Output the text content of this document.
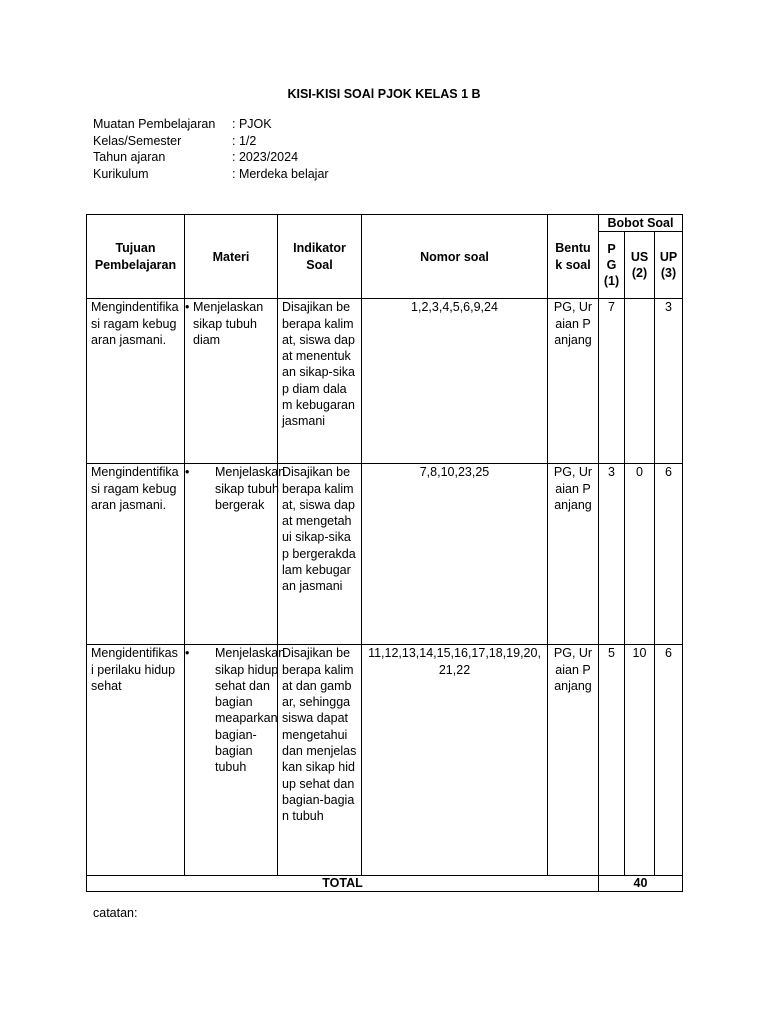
KISI-KISI SOAl PJOK KELAS 1 B
Muatan Pembelajaran	: PJOK
Kelas/Semester	: 1/2
Tahun ajaran	: 2023/2024
Kurikulum	: Merdeka belajar
Tujuan Pembelajaran	Materi	Indikator Soal	Nomor soal	Bentuk soal	Bobot Soal		
					PG(1)	US(2)	UP(3)
Mengindentifikasi ragam kebugaran jasmani.	• Menjelaskan sikap tubuh diam	Disajikan beberapa kalimat, siswa dapat menentukan sikap-sikap diam dalam kebugaran jasmani	1,2,3,4,5,6,9,24	PG, Uraian Panjang	7		3
Mengindentifikasi ragam kebugaran jasmani.	• Menjelaskan sikap tubuh bergerak	Disajikan beberapa kalimat, siswa dapat mengetahui sikap-sikap bergerakdalam kebugaran jasmani	7,8,10,23,25	PG, Uraian Panjang	3	0	6
Mengidentifikasi perilaku hidup sehat	• Menjelaskan sikap hidup sehat dan bagian meaparkan bagian-bagian tubuh	Disajikan beberapa kalimat dan gambar, sehingga siswa dapat mengetahui dan menjelaskan sikap hidup sehat dan bagian-bagian tubuh	11,12,13,14,15,16,17,18,19,20,21,22	PG, Uraian Panjang	5	10	6
TOTAL					40		
catatan:
